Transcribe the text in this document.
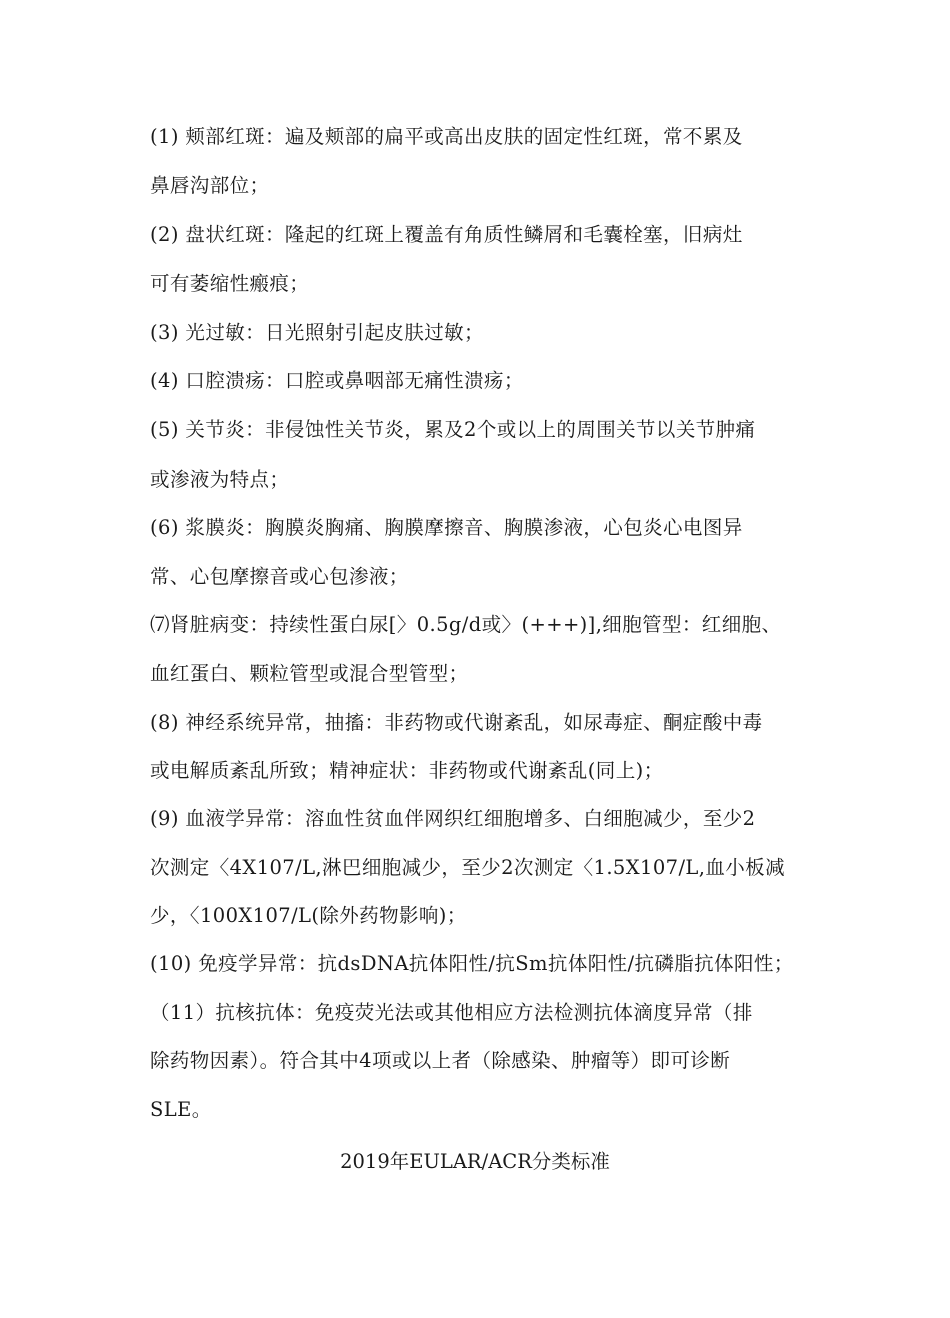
(1) 颊部红斑：遍及颊部的扁平或高出皮肤的固定性红斑，常不累及
鼻唇沟部位；
(2) 盘状红斑：隆起的红斑上覆盖有角质性鳞屑和毛囊栓塞，旧病灶
可有萎缩性瘢痕；
(3) 光过敏：日光照射引起皮肤过敏；
(4) 口腔溃疡：口腔或鼻咽部无痛性溃疡；
(5) 关节炎：非侵蚀性关节炎，累及2个或以上的周围关节以关节肿痛
或渗液为特点；
(6) 浆膜炎：胸膜炎胸痛、胸膜摩擦音、胸膜渗液，心包炎心电图异
常、心包摩擦音或心包渗液；
⑺肾脏病变：持续性蛋白尿[〉0.5g/d或〉(+++)],细胞管型：红细胞、
血红蛋白、颗粒管型或混合型管型；
(8) 神经系统异常，抽搐：非药物或代谢紊乱，如尿毒症、酮症酸中毒
或电解质紊乱所致；精神症状：非药物或代谢紊乱(同上)；
(9) 血液学异常：溶血性贫血伴网织红细胞增多、白细胞减少，至少2
次测定〈4X107/L,淋巴细胞减少，至少2次测定〈1.5X107/L,血小板减
少，〈100X107/L(除外药物影响)；
(10) 免疫学异常：抗dsDNA抗体阳性/抗Sm抗体阳性/抗磷脂抗体阳性；
（11）抗核抗体：免疫荧光法或其他相应方法检测抗体滴度异常（排
除药物因素）。符合其中4项或以上者（除感染、肿瘤等）即可诊断
SLE。
2019年EULAR/ACR分类标准
